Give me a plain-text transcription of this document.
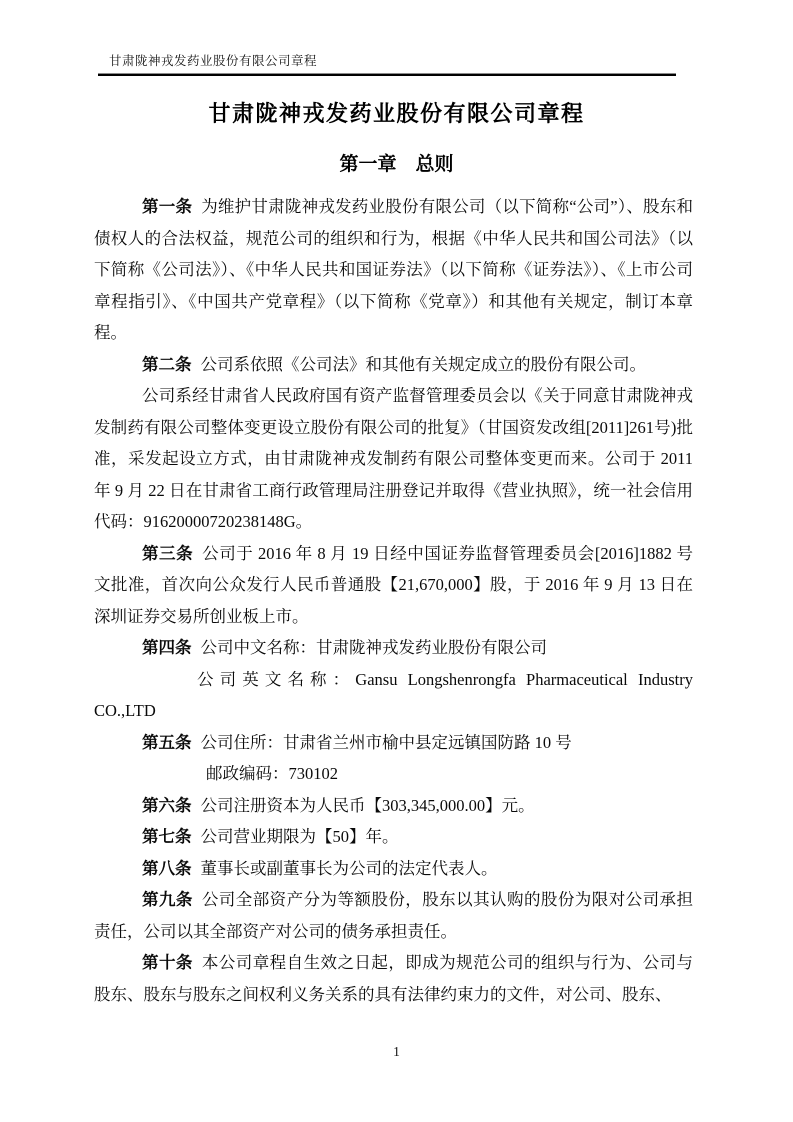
甘肃陇神戎发药业股份有限公司章程
甘肃陇神戎发药业股份有限公司章程
第一章 总则

第一条 为维护甘肃陇神戎发药业股份有限公司（以下简称“公司”）、股东和债权人的合法权益，规范公司的组织和行为，根据《中华人民共和国公司法》（以下简称《公司法》）、《中华人民共和国证券法》（以下简称《证券法》）、《上市公司章程指引》、《中国共产党章程》（以下简称《党章》）和其他有关规定，制订本章程。

第二条 公司系依照《公司法》和其他有关规定成立的股份有限公司。

公司系经甘肃省人民政府国有资产监督管理委员会以《关于同意甘肃陇神戎发制药有限公司整体变更设立股份有限公司的批复》（甘国资发改组[2011]261号)批准，采发起设立方式，由甘肃陇神戎发制药有限公司整体变更而来。公司于 2011 年 9 月 22 日在甘肃省工商行政管理局注册登记并取得《营业执照》，统一社会信用代码：91620000720238148G。

第三条 公司于 2016 年 8 月 19 日经中国证券监督管理委员会[2016]1882 号文批准，首次向公众发行人民币普通股【21,670,000】股，于 2016 年 9 月 13 日在深圳证券交易所创业板上市。

第四条 公司中文名称：甘肃陇神戎发药业股份有限公司

公司英文名称：Gansu Longshenrongfa Pharmaceutical Industry

CO.,LTD

第五条 公司住所：甘肃省兰州市榆中县定远镇国防路 10 号

邮政编码：730102

第六条 公司注册资本为人民币【303,345,000.00】元。

第七条 公司营业期限为【50】年。

第八条 董事长或副董事长为公司的法定代表人。

第九条 公司全部资产分为等额股份，股东以其认购的股份为限对公司承担责任，公司以其全部资产对公司的债务承担责任。

第十条 本公司章程自生效之日起，即成为规范公司的组织与行为、公司与股东、股东与股东之间权利义务关系的具有法律约束力的文件，对公司、股东、

1
